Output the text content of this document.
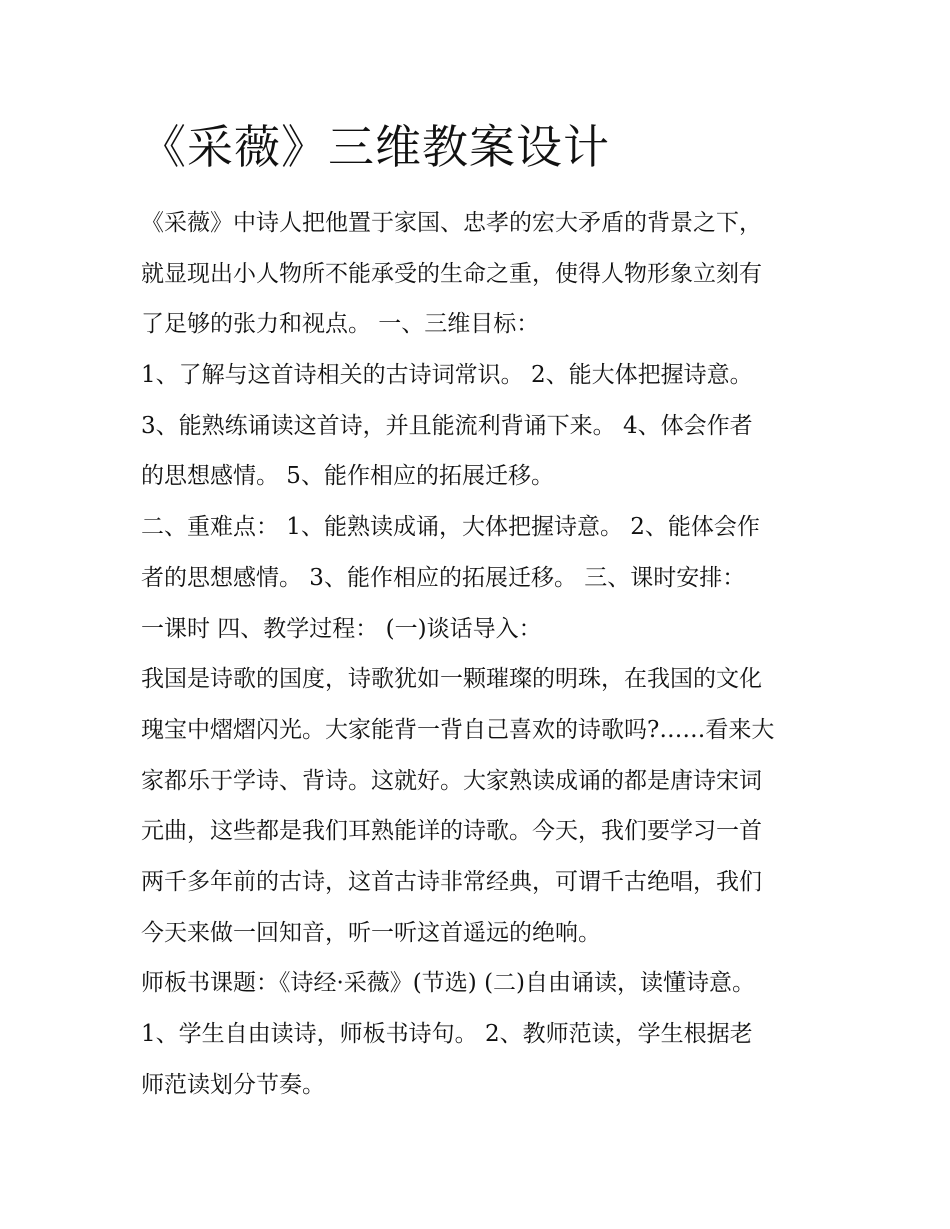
《采薇》三维教案设计
《采薇》中诗人把他置于家国、忠孝的宏大矛盾的背景之下，
就显现出小人物所不能承受的生命之重，使得人物形象立刻有
了足够的张力和视点。 一、三维目标：
1、了解与这首诗相关的古诗词常识。 2、能大体把握诗意。
3、能熟练诵读这首诗，并且能流利背诵下来。 4、体会作者
的思想感情。 5、能作相应的拓展迁移。
二、重难点： 1、能熟读成诵，大体把握诗意。 2、能体会作
者的思想感情。 3、能作相应的拓展迁移。 三、课时安排：
一课时 四、教学过程： (一)谈话导入：
我国是诗歌的国度，诗歌犹如一颗璀璨的明珠，在我国的文化
瑰宝中熠熠闪光。大家能背一背自己喜欢的诗歌吗?……看来大
家都乐于学诗、背诗。这就好。大家熟读成诵的都是唐诗宋词
元曲，这些都是我们耳熟能详的诗歌。今天，我们要学习一首
两千多年前的古诗，这首古诗非常经典，可谓千古绝唱，我们
今天来做一回知音，听一听这首遥远的绝响。
师板书课题：《诗经·采薇》(节选) (二)自由诵读，读懂诗意。
1、学生自由读诗，师板书诗句。 2、教师范读，学生根据老
师范读划分节奏。
